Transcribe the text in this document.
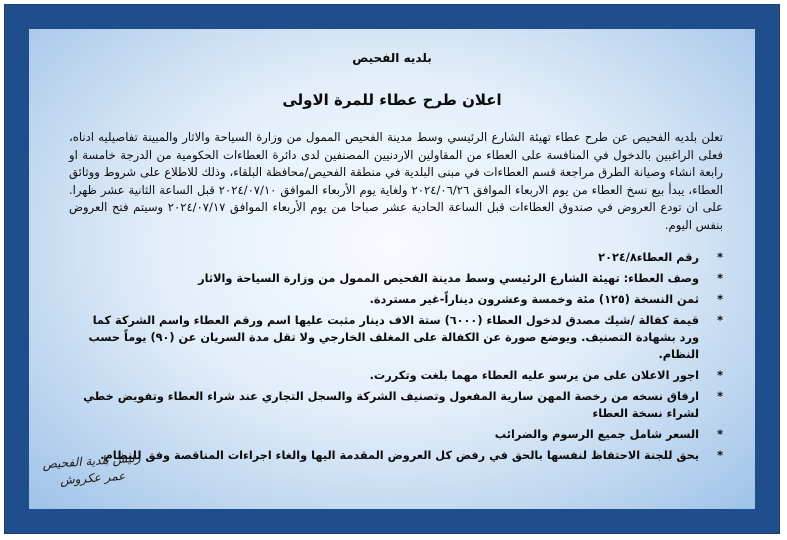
بلديه الفحيص
اعلان طرح عطاء للمرة الاولى
تعلن بلديه الفحيص عن طرح عطاء تهيئة الشارع الرئيسي وسط مدينة الفحيص الممول من وزارة السياحة والاثار والمبينة تفاصيليه ادناه، فعلى الراغبين بالدخول في المنافسة على العطاء من المقاولين الاردنيين المصنفين لدى دائرة العطاءات الحكومية من الدرجة خامسة او رابعة انشاء وصيانة الطرق مراجعة قسم العطاءات في مبنى البلدية في منطقة الفحيص/محافظة البلقاء، وذلك للاطلاع على شروط ووثائق العطاء، يبدأ بيع نسخ العطاء من يوم الاربعاء الموافق ٢٠٢٤/٠٦/٢٦ ولغاية يوم الأربعاء الموافق ٢٠٢٤/٠٧/١٠ قبل الساعة الثانية عشر ظهرا. على ان تودع العروض في صندوق العطاءات قبل الساعة الحادية عشر صباحا من يوم الأربعاء الموافق ٢٠٢٤/٠٧/١٧ وسيتم فتح العروض بنفس اليوم.
*
رقم العطاء٢٠٢٤/٨
*
وصف العطاء: تهيئة الشارع الرئيسي وسط مدينة الفحيص الممول من وزارة السياحة والاثار
*
ثمن النسخة (١٢٥) مئة وخمسة وعشرون ديناراً-غير مستردة.
*
قيمة كفالة /شيك مصدق لدخول العطاء (٦٠٠٠) ستة الاف دينار مثبت عليها اسم ورقم العطاء واسم الشركة كما ورد بشهادة التصنيف. ويوضع صورة عن الكفالة على المغلف الخارجي ولا تقل مدة السريان عن (٩٠) يوماً حسب النظام.
*
اجور الاعلان على من يرسو عليه العطاء مهما بلغت وتكررت.
*
ارفاق نسخه من رخصة المهن سارية المفعول وتصنيف الشركة والسجل التجاري عند شراء العطاء وتفويض خطي لشراء نسخة العطاء
*
السعر شامل جميع الرسوم والضرائب
*
يحق للجنة الاحتفاظ لنفسها بالحق في رفض كل العروض المقدمة اليها والغاء اجراءات المناقصة وفق للنظام.
رئيس بلدية الفحيص
عمر عكروش
